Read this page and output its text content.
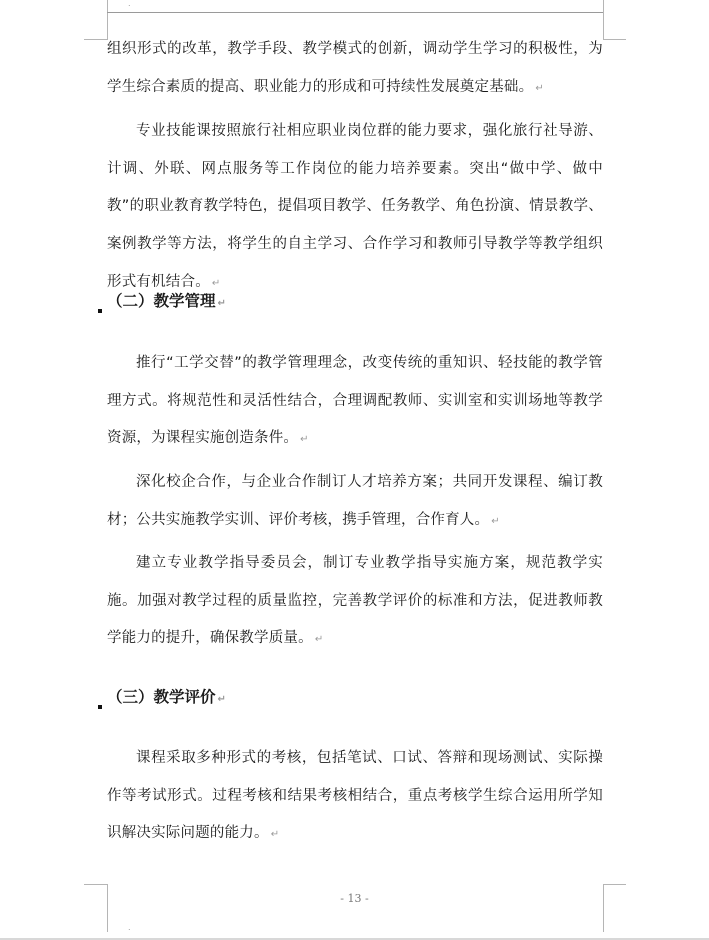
.
.

组织形式的改革，教学手段、教学模式的创新，调动学生学习的积极性，为学生综合素质的提高、职业能力的形成和可持续性发展奠定基础。 ↵

专业技能课按照旅行社相应职业岗位群的能力要求，强化旅行社导游、计调、外联、网点服务等工作岗位的能力培养要素。突出“做中学、做中教”的职业教育教学特色，提倡项目教学、任务教学、角色扮演、情景教学、案例教学等方法，将学生的自主学习、合作学习和教师引导教学等教学组织形式有机结合。 ↵

（二）教学管理 ↵

推行“工学交替”的教学管理理念，改变传统的重知识、轻技能的教学管理方式。将规范性和灵活性结合，合理调配教师、实训室和实训场地等教学资源，为课程实施创造条件。 ↵

深化校企合作，与企业合作制订人才培养方案；共同开发课程、编订教材；公共实施教学实训、评价考核，携手管理，合作育人。 ↵

建立专业教学指导委员会，制订专业教学指导实施方案，规范教学实施。加强对教学过程的质量监控，完善教学评价的标准和方法，促进教师教学能力的提升，确保教学质量。 ↵

（三）教学评价 ↵

课程采取多种形式的考核，包括笔试、口试、答辩和现场测试、实际操作等考试形式。过程考核和结果考核相结合，重点考核学生综合运用所学知识解决实际问题的能力。 ↵

- 13 -
